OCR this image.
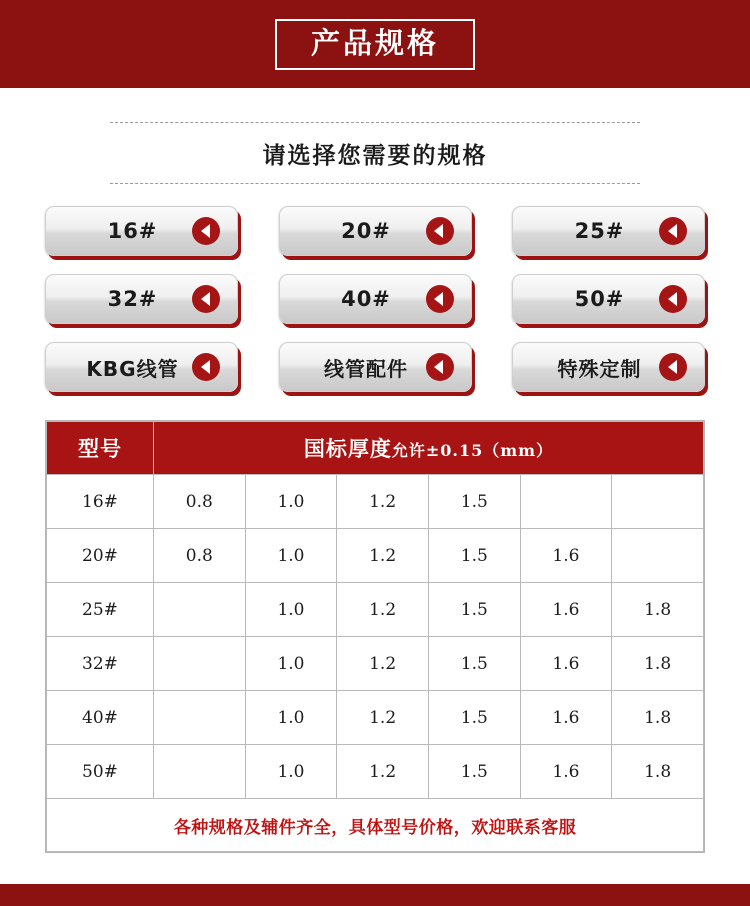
产品规格
请选择您需要的规格
16#	20#	25#
32#	40#	50#
KBG线管	线管配件	特殊定制
型号	国标厚度允许±0.15（mm）					
16#	0.8	1.0	1.2	1.5		
20#	0.8	1.0	1.2	1.5	1.6	
25#		1.0	1.2	1.5	1.6	1.8
32#		1.0	1.2	1.5	1.6	1.8
40#		1.0	1.2	1.5	1.6	1.8
50#		1.0	1.2	1.5	1.6	1.8
各种规格及辅件齐全，具体型号价格，欢迎联系客服						
